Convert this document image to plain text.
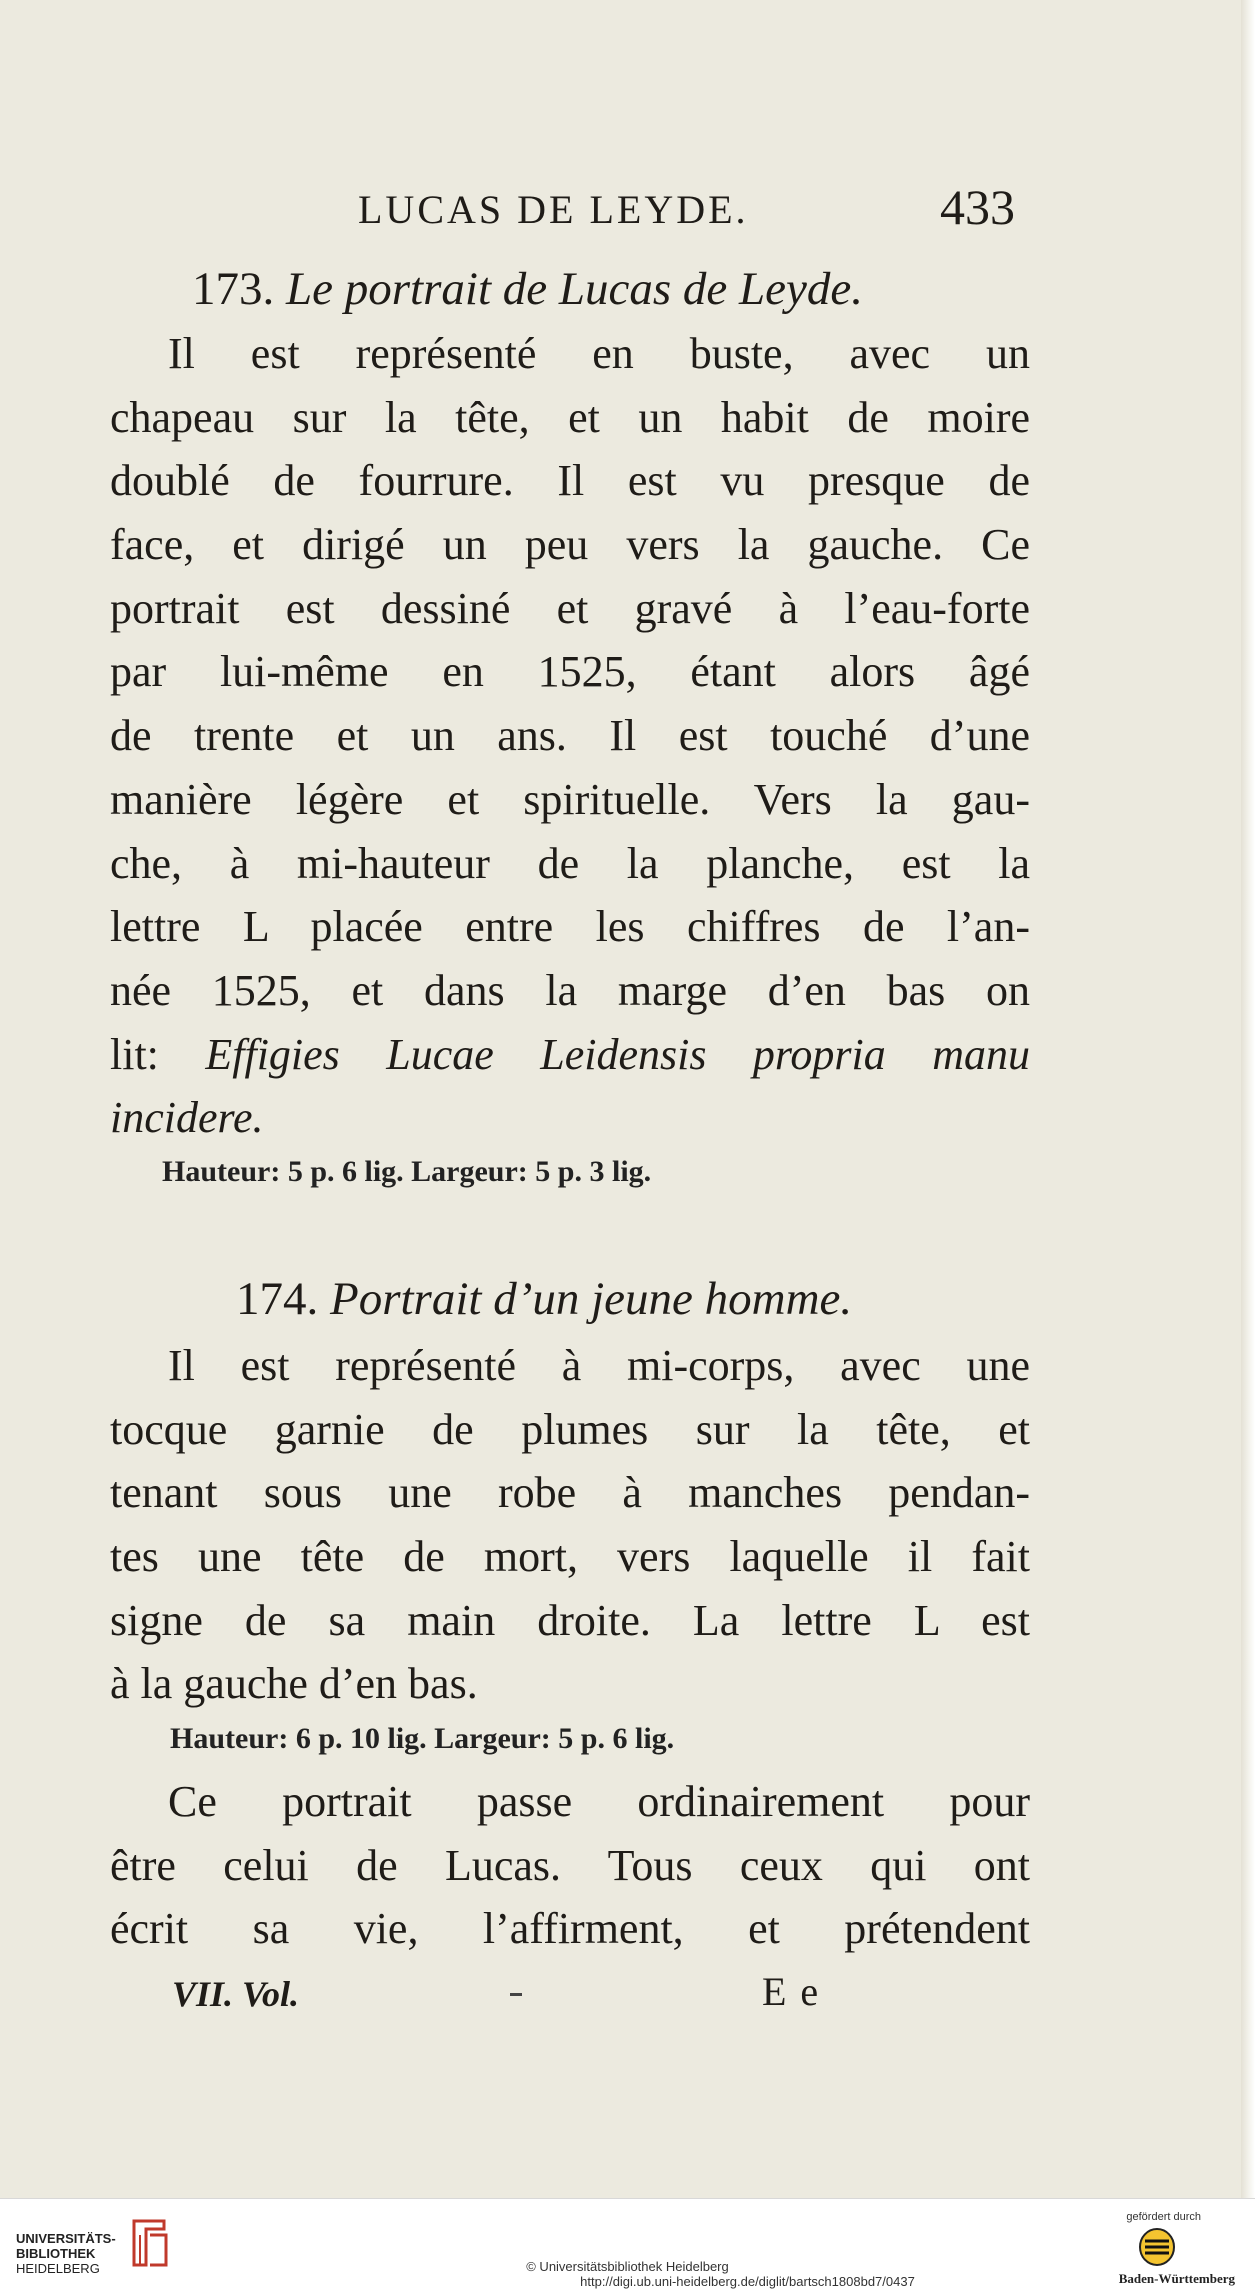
LUCAS DE LEYDE.	433
173. Le portrait de Lucas de Leyde.
Il est représenté en buste, avec un
chapeau sur la tête, et un habit de moire
doublé de fourrure. Il est vu presque de
face, et dirigé un peu vers la gauche. Ce
portrait est dessiné et gravé à l’eau-forte
par lui-même en 1525, étant alors âgé
de trente et un ans. Il est touché d’une
manière légère et spirituelle. Vers la gau-
che, à mi-hauteur de la planche, est la
lettre L placée entre les chiffres de l’an-
née 1525, et dans la marge d’en bas on
lit: Effigies Lucae Leidensis propria manu
incidere.
Hauteur: 5 p. 6 lig. Largeur: 5 p. 3 lig.
174. Portrait d’un jeune homme.
Il est représenté à mi-corps, avec une
tocque garnie de plumes sur la tête, et
tenant sous une robe à manches pendan-
tes une tête de mort, vers laquelle il fait
signe de sa main droite. La lettre L est
à la gauche d’en bas.
Hauteur: 6 p. 10 lig. Largeur: 5 p. 6 lig.
Ce portrait passe ordinairement pour
être celui de Lucas. Tous ceux qui ont
écrit sa vie, l’affirment, et prétendent
VII. Vol.	E e
UNIVERSITÄTS-
BIBLIOTHEK
HEIDELBERG	© Universitätsbibliothek Heidelberg
http://digi.ub.uni-heidelberg.de/diglit/bartsch1808bd7/0437
gefördert durch
Baden-Württemberg
